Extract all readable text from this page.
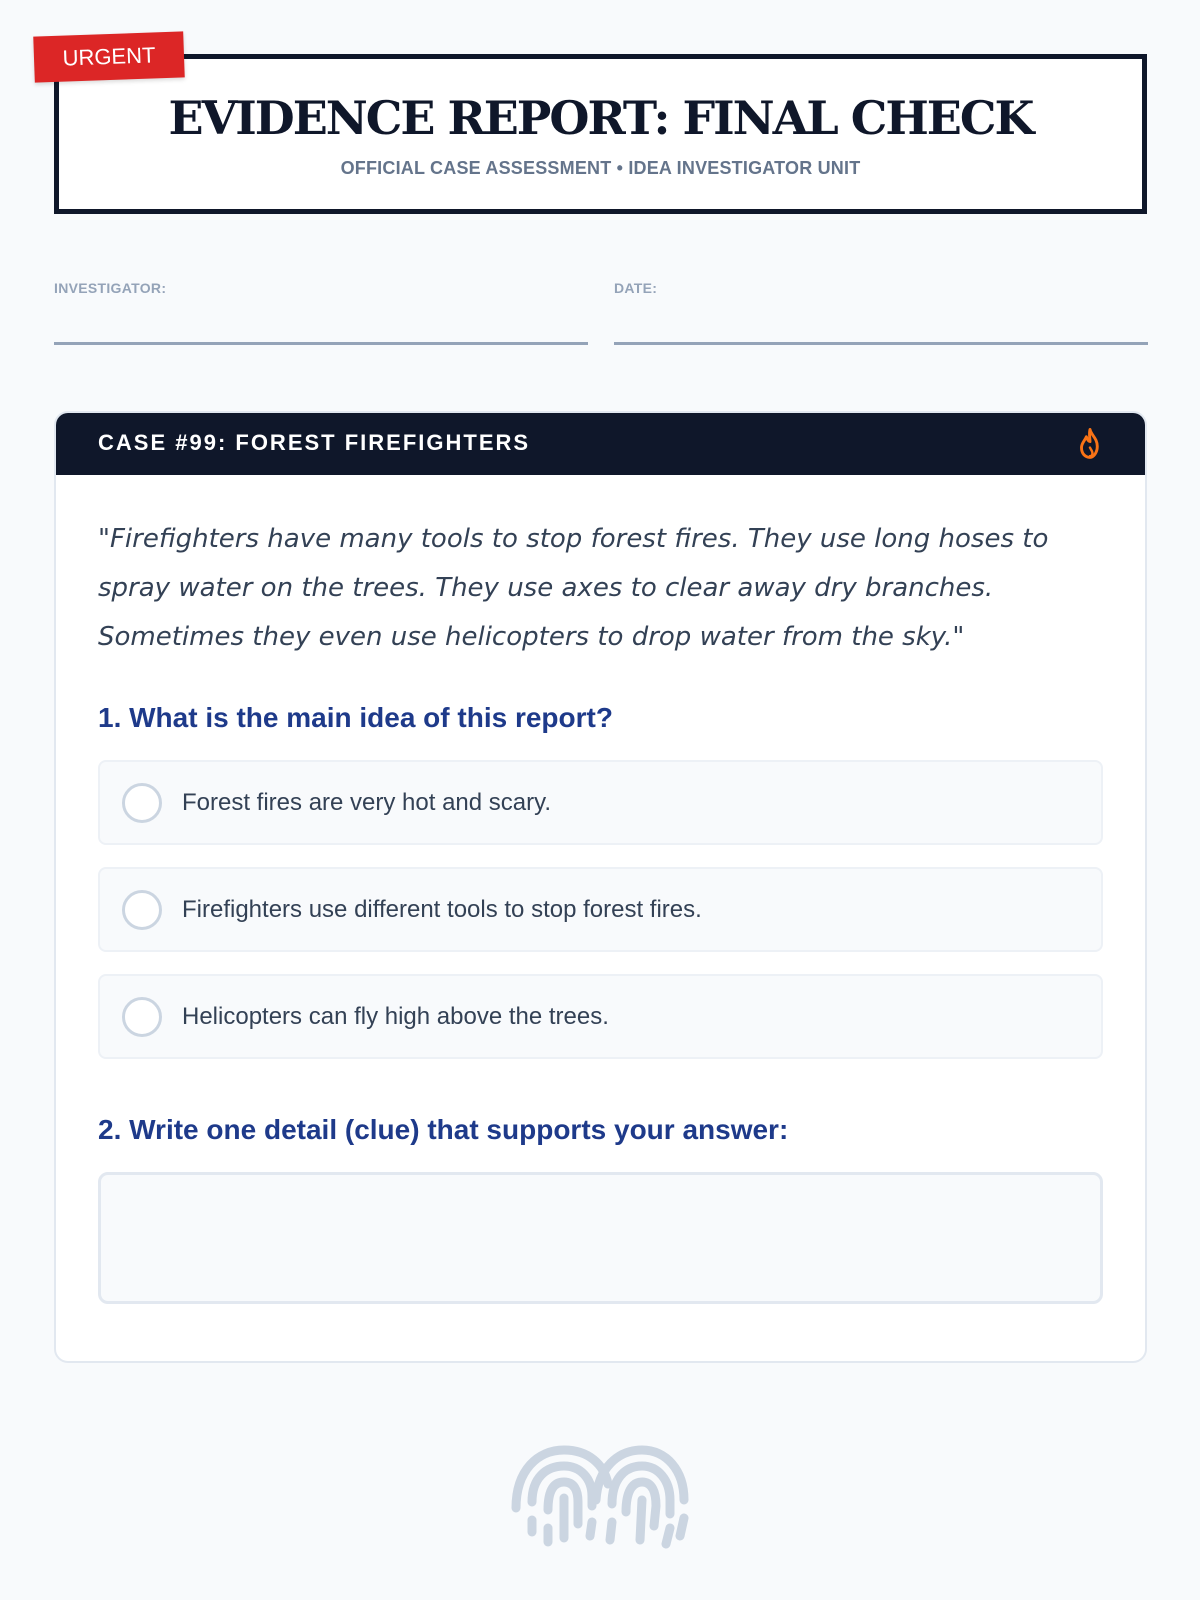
URGENT
EVIDENCE REPORT: FINAL CHECK
OFFICIAL CASE ASSESSMENT • IDEA INVESTIGATOR UNIT
INVESTIGATOR:	DATE:
CASE #99: FOREST FIREFIGHTERS

"Firefighters have many tools to stop forest fires. They use long hoses to spray water on the trees. They use axes to clear away dry branches. Sometimes they even use helicopters to drop water from the sky."

1. What is the main idea of this report?
Forest fires are very hot and scary.
Firefighters use different tools to stop forest fires.
Helicopters can fly high above the trees.
2. Write one detail (clue) that supports your answer:
